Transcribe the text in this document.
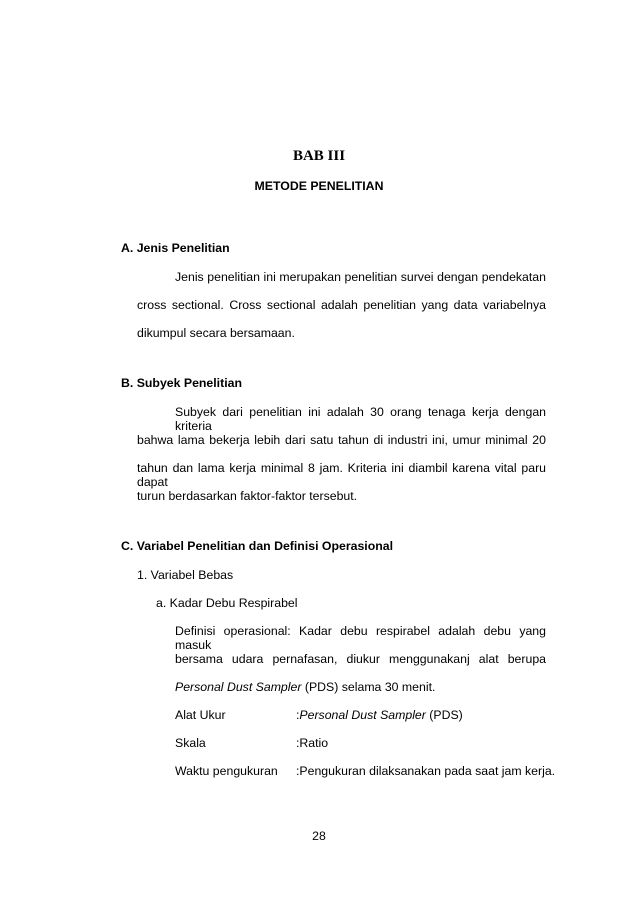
BAB III
METODE PENELITIAN
A. Jenis Penelitian
Jenis penelitian ini merupakan penelitian survei dengan pendekatan
cross sectional. Cross sectional adalah penelitian yang data variabelnya
dikumpul secara bersamaan.
B. Subyek Penelitian
Subyek dari penelitian ini adalah 30 orang tenaga kerja dengan kriteria
bahwa lama bekerja lebih dari satu tahun di industri ini, umur minimal 20
tahun dan lama kerja minimal 8 jam. Kriteria ini diambil karena vital paru dapat
turun berdasarkan faktor-faktor tersebut.
C. Variabel Penelitian dan Definisi Operasional
1. Variabel Bebas
a. Kadar Debu Respirabel
Definisi operasional: Kadar debu respirabel adalah debu yang masuk
bersama udara pernafasan, diukur menggunakanj alat berupa
Personal Dust Sampler (PDS) selama 30 menit.
Alat Ukur	:Personal Dust Sampler (PDS)
Skala	:Ratio
Waktu pengukuran :Pengukuran dilaksanakan pada saat jam kerja.
28
